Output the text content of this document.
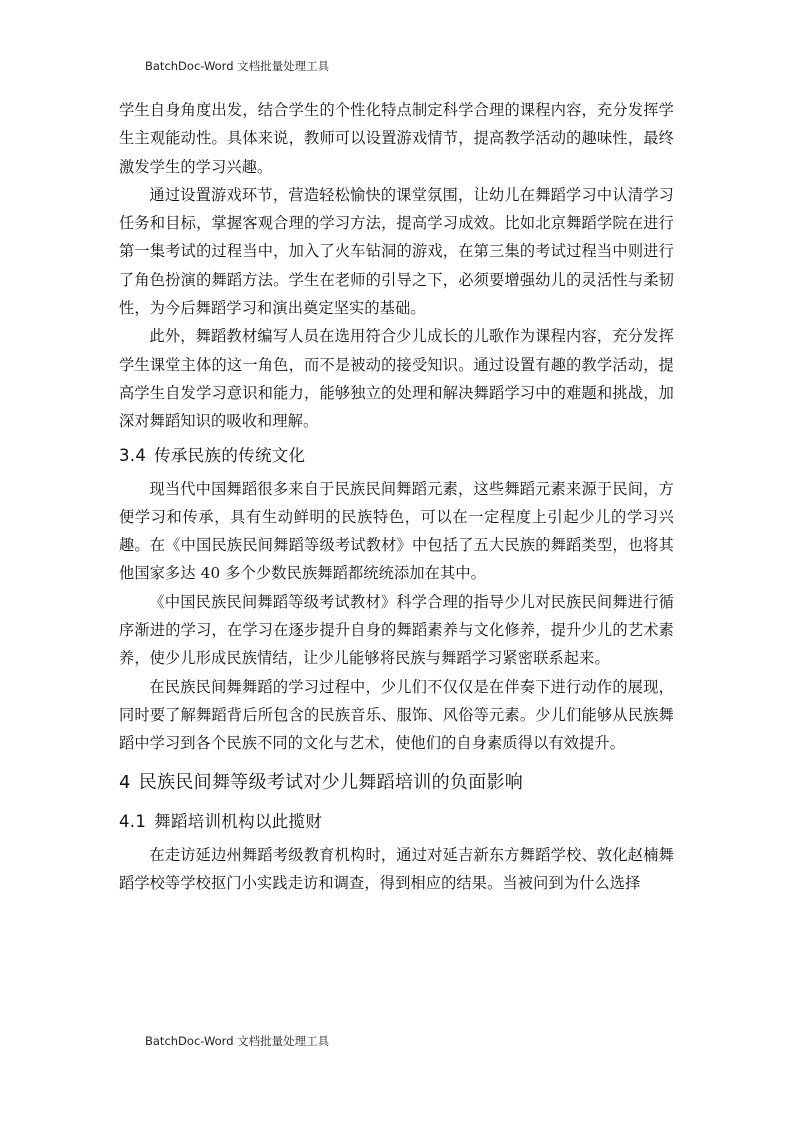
BatchDoc-Word 文档批量处理工具

学生自身角度出发，结合学生的个性化特点制定科学合理的课程内容，充分发挥学生主观能动性。具体来说，教师可以设置游戏情节，提高教学活动的趣味性，最终激发学生的学习兴趣。

通过设置游戏环节，营造轻松愉快的课堂氛围，让幼儿在舞蹈学习中认清学习任务和目标，掌握客观合理的学习方法，提高学习成效。比如北京舞蹈学院在进行第一集考试的过程当中，加入了火车钻洞的游戏，在第三集的考试过程当中则进行了角色扮演的舞蹈方法。学生在老师的引导之下，必须要增强幼儿的灵活性与柔韧性，为今后舞蹈学习和演出奠定坚实的基础。

此外，舞蹈教材编写人员在选用符合少儿成长的儿歌作为课程内容，充分发挥学生课堂主体的这一角色，而不是被动的接受知识。通过设置有趣的教学活动，提高学生自发学习意识和能力，能够独立的处理和解决舞蹈学习中的难题和挑战，加深对舞蹈知识的吸收和理解。

3.4 传承民族的传统文化

现当代中国舞蹈很多来自于民族民间舞蹈元素，这些舞蹈元素来源于民间，方便学习和传承，具有生动鲜明的民族特色，可以在一定程度上引起少儿的学习兴趣。在《中国民族民间舞蹈等级考试教材》中包括了五大民族的舞蹈类型，也将其他国家多达 40 多个少数民族舞蹈都统统添加在其中。

《中国民族民间舞蹈等级考试教材》科学合理的指导少儿对民族民间舞进行循序渐进的学习，在学习在逐步提升自身的舞蹈素养与文化修养，提升少儿的艺术素养，使少儿形成民族情结，让少儿能够将民族与舞蹈学习紧密联系起来。

在民族民间舞舞蹈的学习过程中，少儿们不仅仅是在伴奏下进行动作的展现，同时要了解舞蹈背后所包含的民族音乐、服饰、风俗等元素。少儿们能够从民族舞蹈中学习到各个民族不同的文化与艺术，使他们的自身素质得以有效提升。

4 民族民间舞等级考试对少儿舞蹈培训的负面影响
4.1 舞蹈培训机构以此揽财

在走访延边州舞蹈考级教育机构时，通过对延吉新东方舞蹈学校、敦化赵楠舞蹈学校等学校抠门小实践走访和调查，得到相应的结果。当被问到为什么选择

BatchDoc-Word 文档批量处理工具
